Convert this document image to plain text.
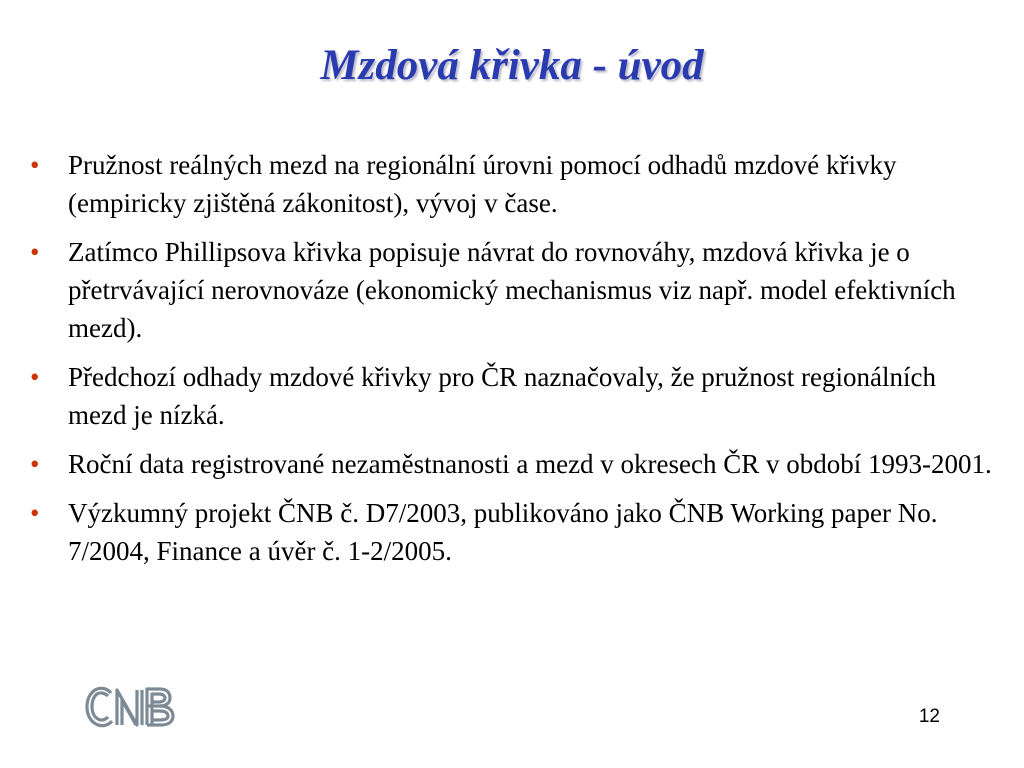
Mzdová křivka - úvod
•	Pružnost reálných mezd na regionální úrovni pomocí odhadů mzdové křivky (empiricky zjištěná zákonitost), vývoj v čase.
•	Zatímco Phillipsova křivka popisuje návrat do rovnováhy, mzdová křivka je o přetrvávající nerovnováze (ekonomický mechanismus viz např. model efektivních mezd).
•	Předchozí odhady mzdové křivky pro ČR naznačovaly, že pružnost regionálních mezd je nízká.
•	Roční data registrované nezaměstnanosti a mezd v okresech ČR v období 1993-2001.
•	Výzkumný projekt ČNB č. D7/2003, publikováno jako ČNB Working paper No. 7/2004, Finance a úvěr č. 1-2/2005.
12
